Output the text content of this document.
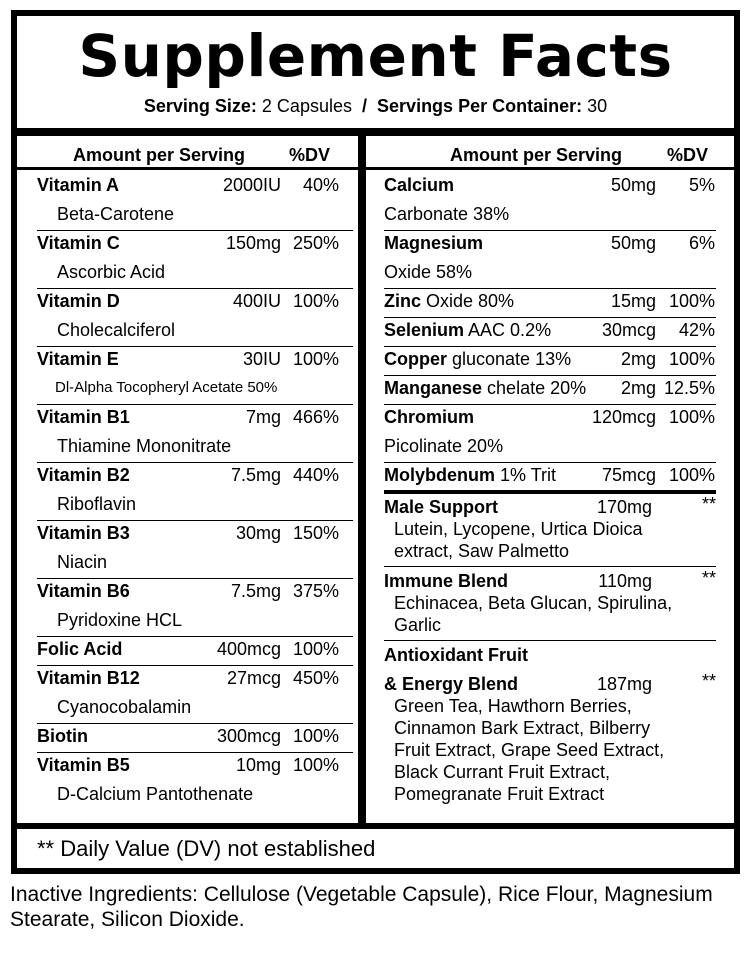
Supplement Facts
Serving Size: 2 Capsules / Servings Per Container: 30
Amount per Serving %DV
Vitamin A	2000IU	40%
Beta-Carotene
Vitamin C	150mg 250%
Ascorbic Acid
Vitamin D	400IU 100%
Cholecalciferol
Vitamin E	30IU 100%
Dl-Alpha Tocopheryl Acetate 50%
Vitamin B1	7mg 466%
Thiamine Mononitrate
Vitamin B2	7.5mg 440%
Riboflavin
Vitamin B3	30mg 150%
Niacin
Vitamin B6	7.5mg 375%
Pyridoxine HCL
Folic Acid	400mcg 100%
Vitamin B12	27mcg 450%
Cyanocobalamin
Biotin	300mcg 100%
Vitamin B5	10mg 100%
D-Calcium Pantothenate
Amount per Serving %DV
Calcium	50mg	5%
Carbonate 38%
Magnesium	50mg	6%
Oxide 58%
Zinc Oxide 80%	15mg 100%
Selenium AAC 0.2%	30mcg	42%
Copper gluconate 13%	2mg 100%
Manganese chelate 20%	2mg 12.5%
Chromium	120mcg 100%
Picolinate 20%
Molybdenum 1% Trit	75mcg 100%
Male Support	170mg	**
Lutein, Lycopene, Urtica Dioica
extract, Saw Palmetto
Immune Blend	110mg	**
Echinacea, Beta Glucan, Spirulina,
Garlic
Antioxidant Fruit
& Energy Blend	187mg	**
Green Tea, Hawthorn Berries,
Cinnamon Bark Extract, Bilberry
Fruit Extract, Grape Seed Extract,
Black Currant Fruit Extract,
Pomegranate Fruit Extract
** Daily Value (DV) not established
Inactive Ingredients: Cellulose (Vegetable Capsule), Rice Flour, Magnesium Stearate, Silicon Dioxide.
